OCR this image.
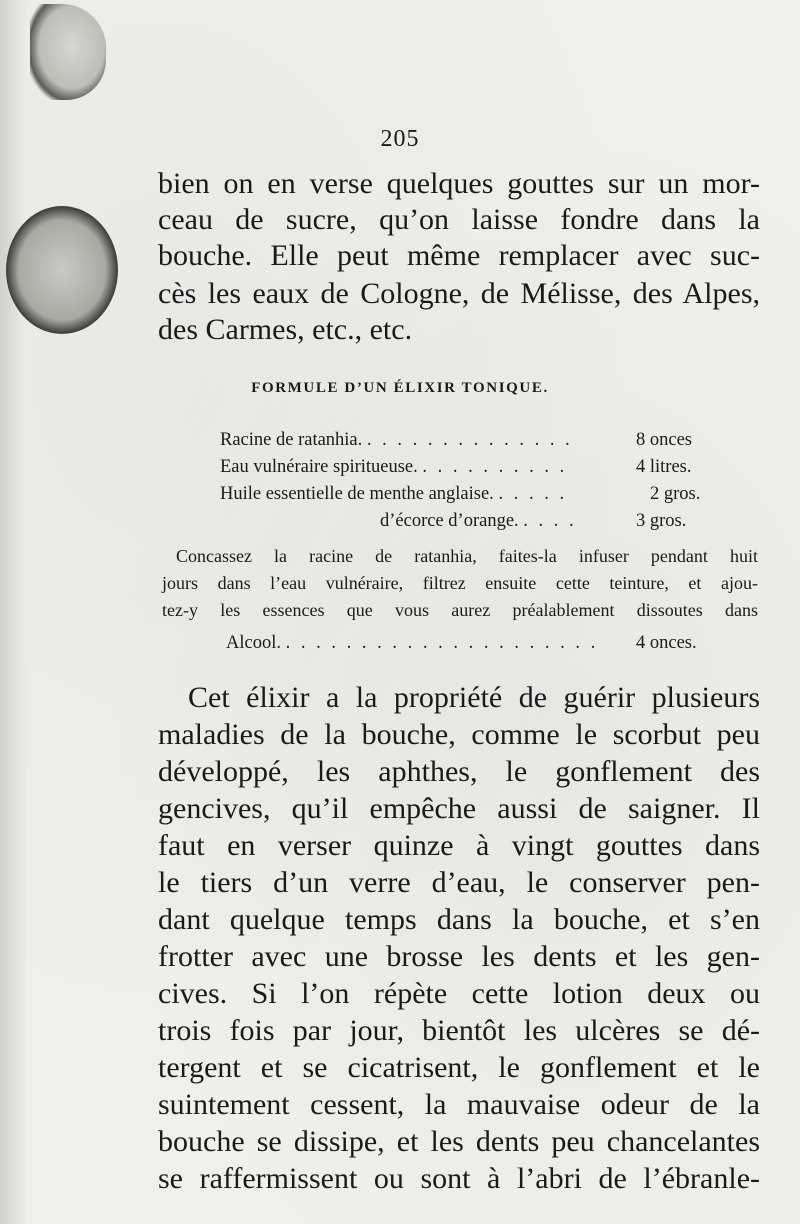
205
bien on en verse quelques gouttes sur un mor-
ceau de sucre, qu’on laisse fondre dans la
bouche. Elle peut même remplacer avec suc-
cès les eaux de Cologne, de Mélisse, des Alpes,
des Carmes, etc., etc.
FORMULE D’UN ÉLIXIR TONIQUE.
Racine de ratanhia. . . . . . . . . . . . . . .	8 onces
Eau vulnéraire spiritueuse. . . . . . . . . . .	4 litres.
Huile essentielle de menthe anglaise. . . . . .	2 gros.
d’écorce d’orange. . . . .	3 gros.
Concassez la racine de ratanhia, faites-la infuser pendant huit
jours dans l’eau vulnéraire, filtrez ensuite cette teinture, et ajou-
tez-y les essences que vous aurez préalablement dissoutes dans
Alcool. . . . . . . . . . . . . . . . . . . . . . 4 onces.
Cet élixir a la propriété de guérir plusieurs
maladies de la bouche, comme le scorbut peu
développé, les aphthes, le gonflement des
gencives, qu’il empêche aussi de saigner. Il
faut en verser quinze à vingt gouttes dans
le tiers d’un verre d’eau, le conserver pen-
dant quelque temps dans la bouche, et s’en
frotter avec une brosse les dents et les gen-
cives. Si l’on répète cette lotion deux ou
trois fois par jour, bientôt les ulcères se dé-
tergent et se cicatrisent, le gonflement et le
suintement cessent, la mauvaise odeur de la
bouche se dissipe, et les dents peu chancelantes
se raffermissent ou sont à l’abri de l’ébranle-
